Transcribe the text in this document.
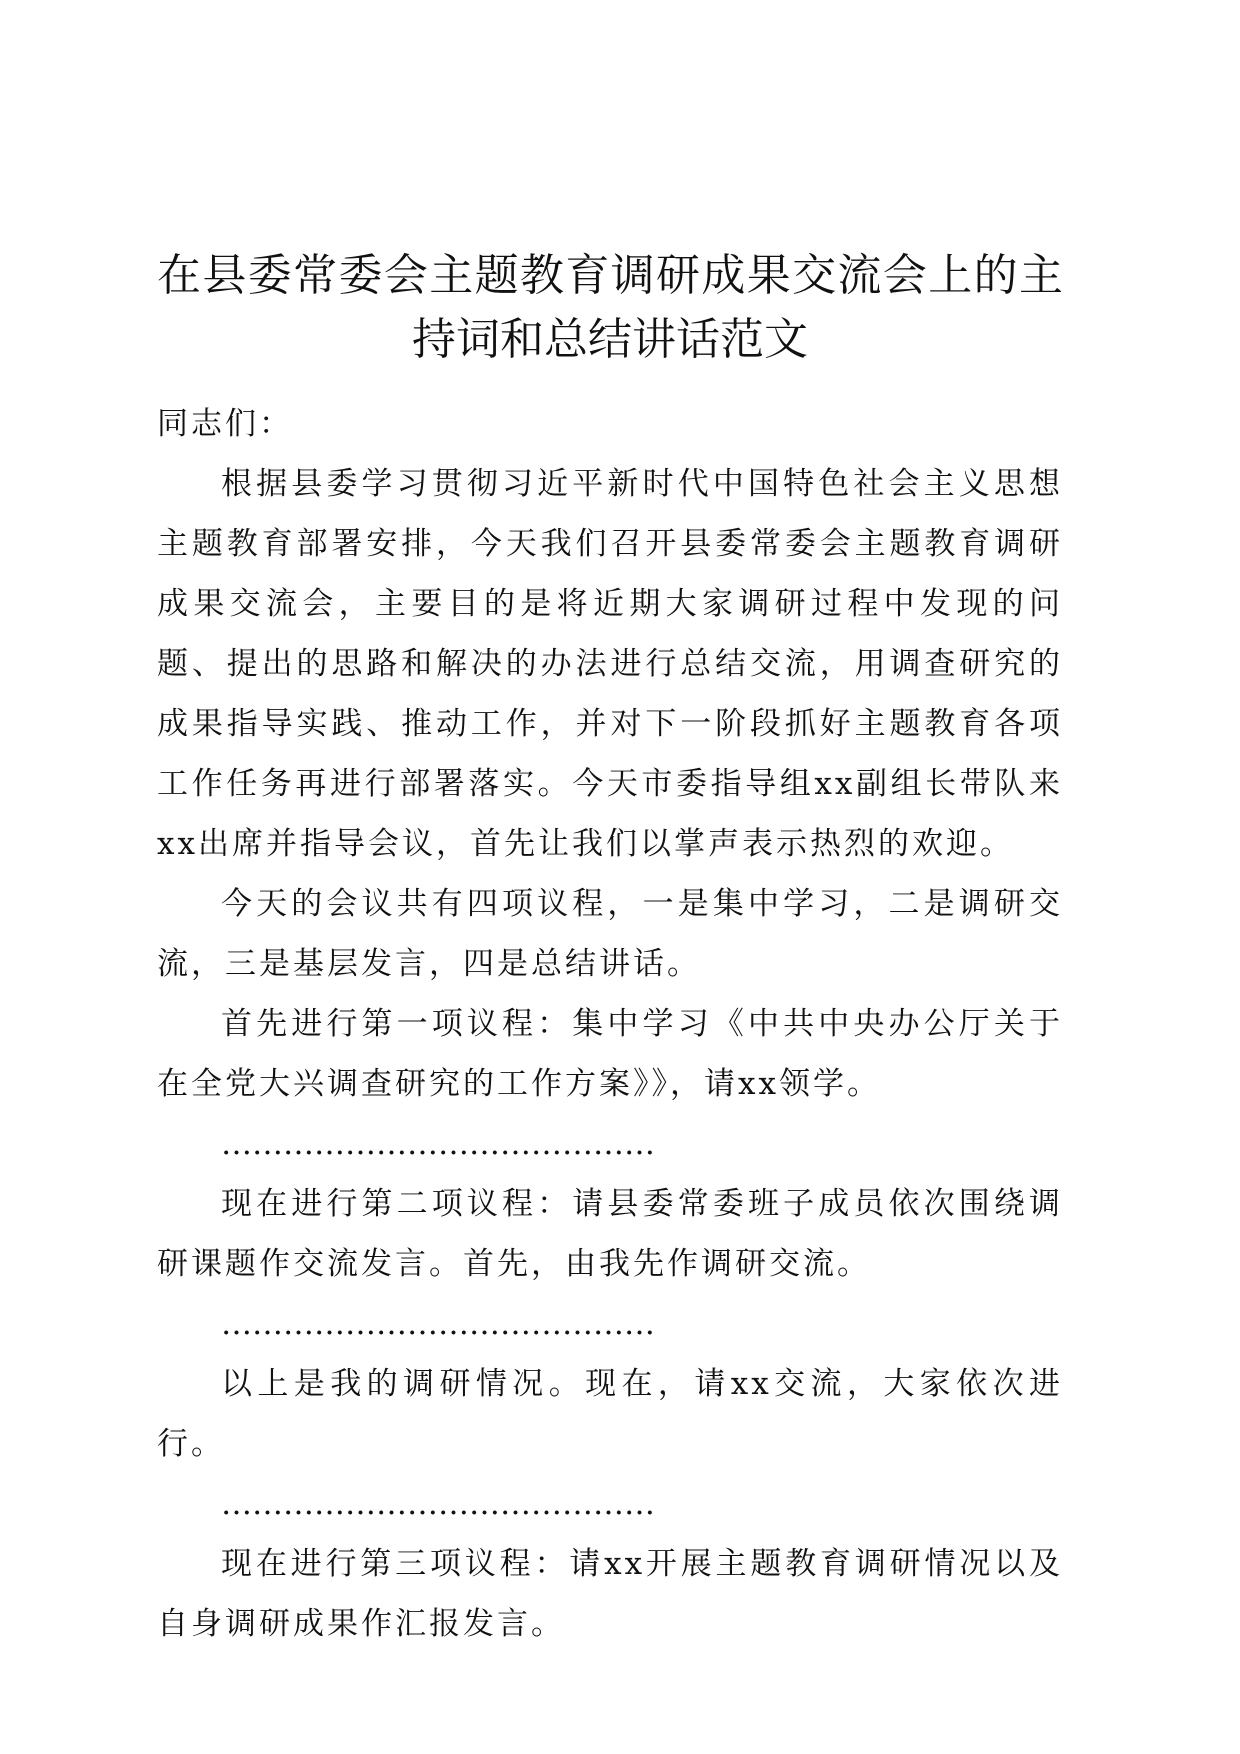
在县委常委会主题教育调研成果交流会上的主持词和总结讲话范文

同志们：

根据县委学习贯彻习近平新时代中国特色社会主义思想主题教育部署安排，今天我们召开县委常委会主题教育调研成果交流会，主要目的是将近期大家调研过程中发现的问题、提出的思路和解决的办法进行总结交流，用调查研究的成果指导实践、推动工作，并对下一阶段抓好主题教育各项工作任务再进行部署落实。今天市委指导组xx副组长带队来xx出席并指导会议，首先让我们以掌声表示热烈的欢迎。

今天的会议共有四项议程，一是集中学习，二是调研交流，三是基层发言，四是总结讲话。

首先进行第一项议程：集中学习《中共中央办公厅关于在全党大兴调查研究的工作方案》》，请xx领学。

……………………………………

现在进行第二项议程：请县委常委班子成员依次围绕调研课题作交流发言。首先，由我先作调研交流。

……………………………………

以上是我的调研情况。现在，请xx交流，大家依次进行。

……………………………………

现在进行第三项议程：请xx开展主题教育调研情况以及自身调研成果作汇报发言。
